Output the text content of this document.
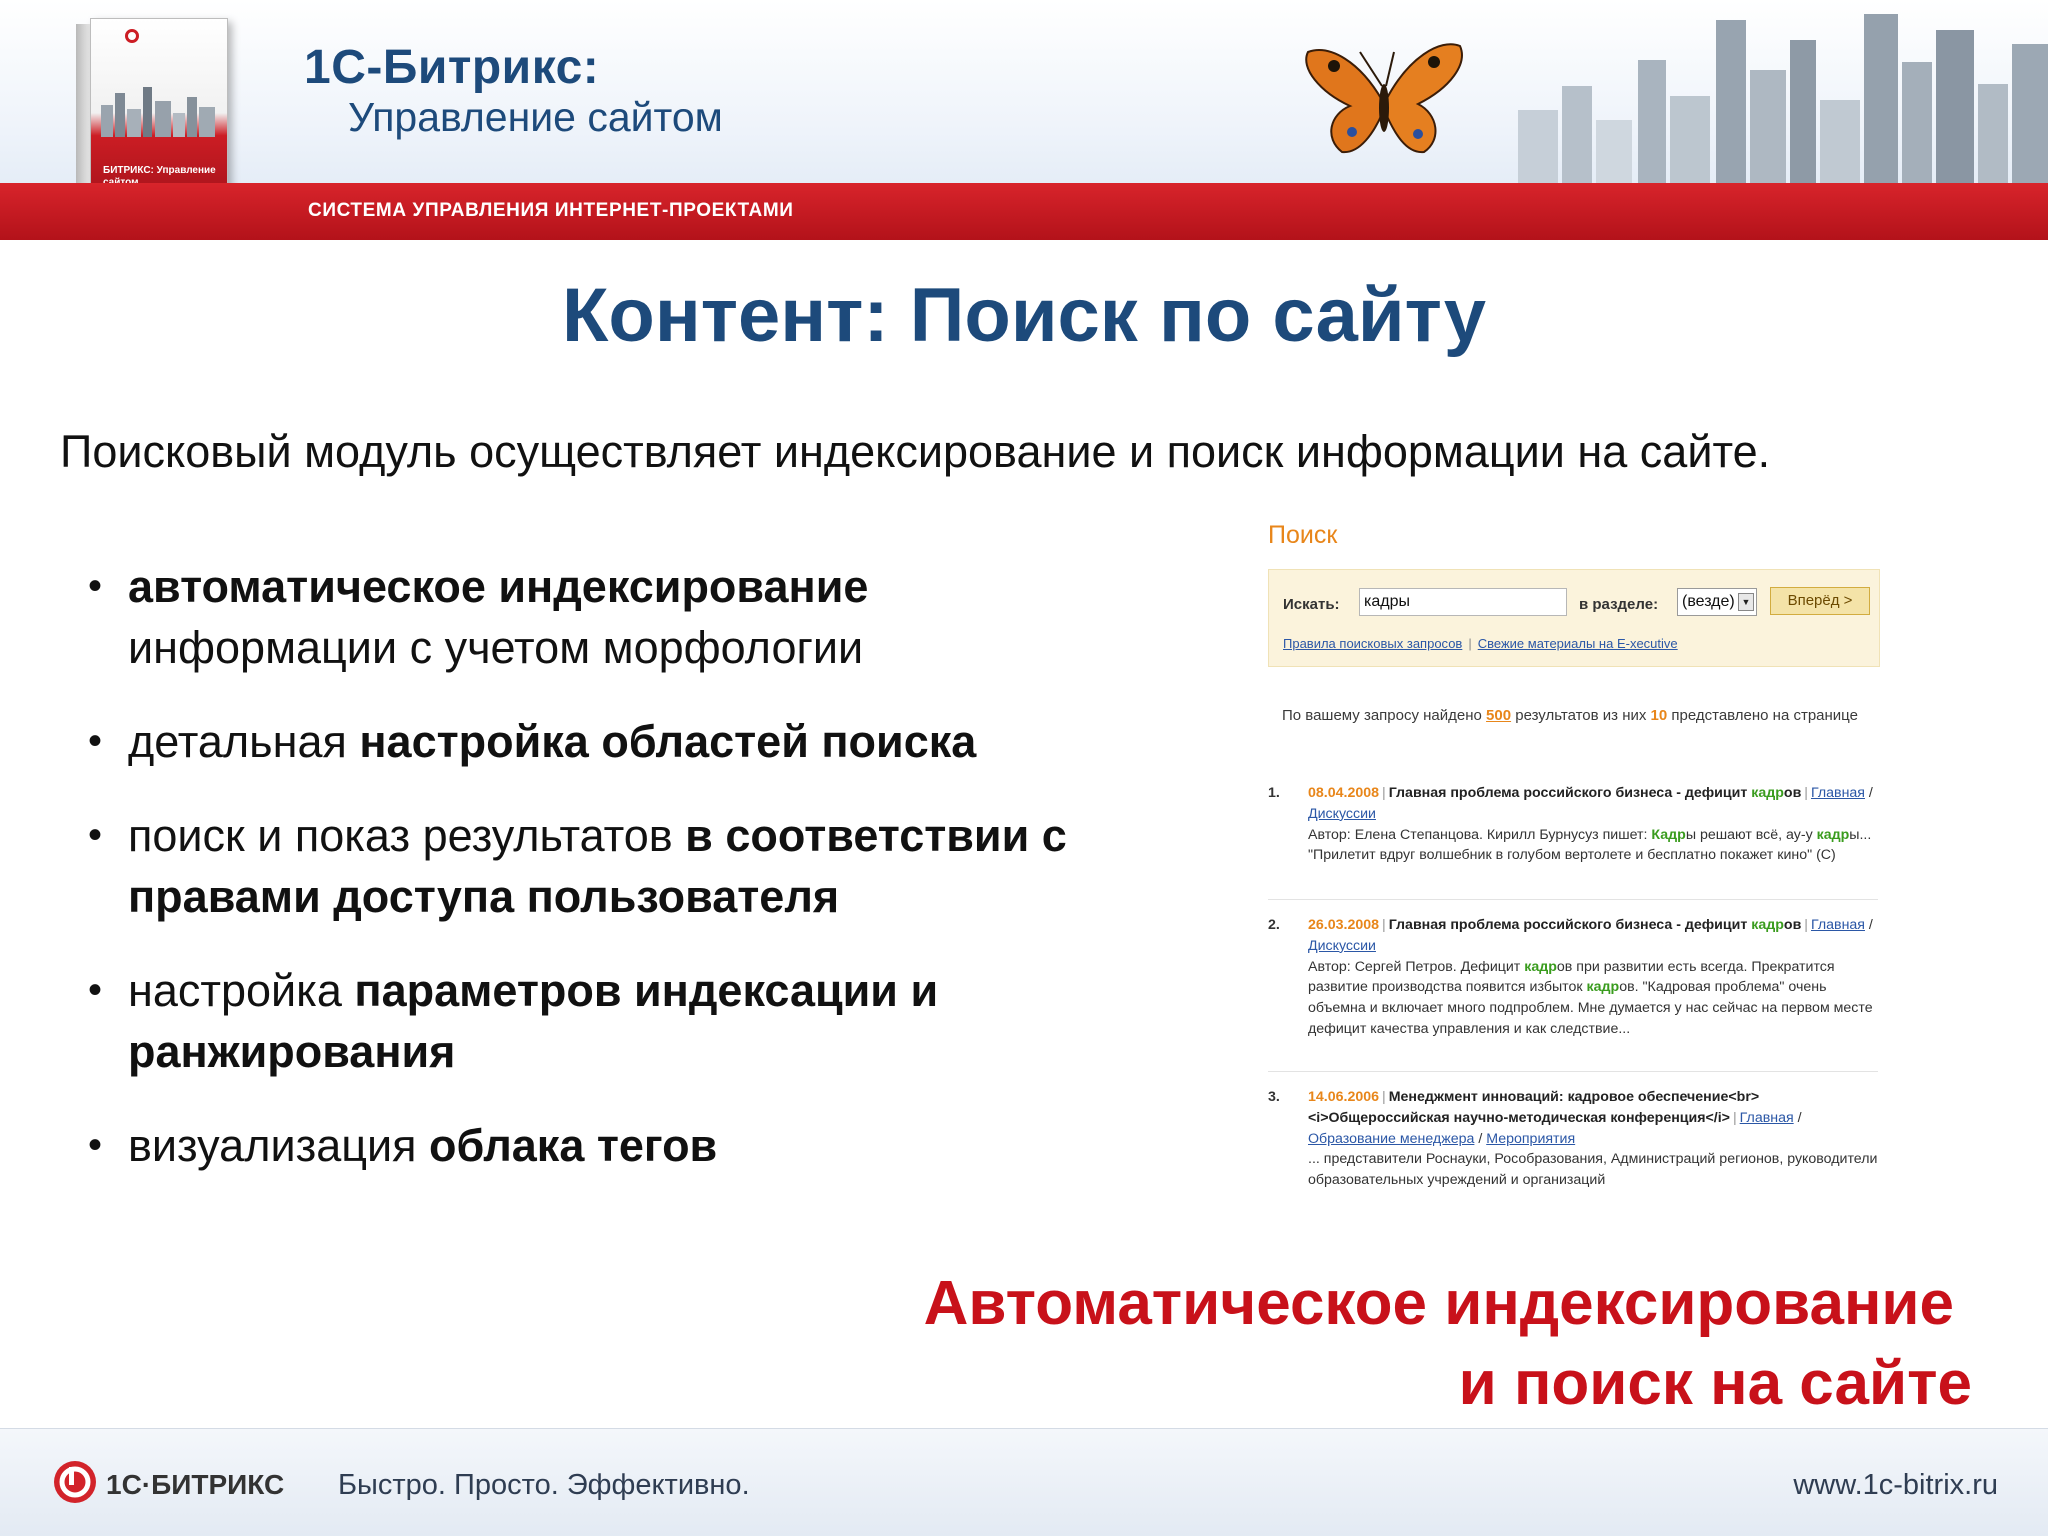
БИТРИКС: Управление
1С-Битрикс:
Управление сайтом
СИСТЕМА УПРАВЛЕНИЯ ИНТЕРНЕТ-ПРОЕКТАМИ
Контент: Поиск по сайту
Поисковый модуль осуществляет индексирование и поиск информации на сайте.
• автоматическое индексирование информации с учетом морфологии
• детальная настройка областей поиска
• поиск и показ результатов в соответствии с правами доступа пользователя
• настройка параметров индексации и ранжирования
• визуализация облака тегов
Поиск
Искать:
кадры	в разделе:	(везде) ▼	Вперёд >
Правила поисковых запросов | Свежие материалы на E-xecutive
По вашему запросу найдено 500 результатов из них 10 представлено на странице
1. 08.04.2008 | Главная проблема российского бизнеса - дефицит кадров | Главная / Дискуссии
Автор: Елена Степанцова. Кирилл Бурнусуз пишет: Кадры решают всё, ау-у кадры... "Прилетит вдруг волшебник в голубом вертолете и бесплатно покажет кино" (С)
2. 26.03.2008 | Главная проблема российского бизнеса - дефицит кадров | Главная / Дискуссии
Автор: Сергей Петров. Дефицит кадров при развитии есть всегда. Прекратится развитие производства появится избыток кадров. "Кадровая проблема" очень объемна и включает много подпроблем. Мне думается у нас сейчас на первом месте дефицит качества управления и как следствие...
3. 14.06.2006 | Менеджмент инноваций: кадровое обеспечение<br><i>Общероссийская научно-методическая конференция</i> | Главная / Образование менеджера / Мероприятия
... представители Роснауки, Рособразования, Администраций регионов, руководители образовательных учреждений и организаций
Автоматическое индексирование
и поиск на сайте
1С·БИТРИКС Быстро. Просто. Эффективно.	www.1c-bitrix.ru
